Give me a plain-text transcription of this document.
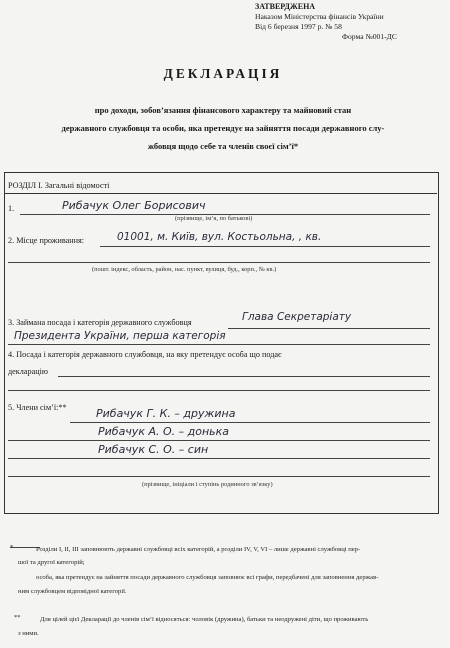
ЗАТВЕРДЖЕНА
Наказом Міністерства фінансів України
Від 6 березня 1997 р. № 58
Форма №001-ДС
ДЕКЛАРАЦІЯ
про доходи, зобов’язання фінансового характеру та майновий стан
державного службовця та особи, яка претендує на зайняття посади державного слу-
жбовця щодо себе та членів своєї сім’ї*
РОЗДІЛ І. Загальні відомості
1.	Рибачук Олег Борисович
(прізвище, ім’я, по батькові)
2. Місце проживання:	01001, м. Київ, вул. Костьольна, , кв.
(пошт. індекс, область, район, нас. пункт, вулиця, буд., корп., № кв.)
3. Займана посада і категорія державного службовця	Глава Секретаріату
Президента України, перша категорія
4. Посада і категорія державного службовця, на яку претендує особа що подає
декларацію
5. Члени сім’ї:**	Рибачук Г. К. – дружина
Рибачук А. О. – донька
Рибачук С. О. – син
(прізвище, ініціали і ступінь родинного зв’язку)
*	Розділи І, ІІ, ІІІ заповнюють державні службовці всіх категорій, а розділи IV, V, VI – лише державні службовці пер-
шої та другої категорій;
особа, яка претендує на зайняття посади державного службовця заповнює всі графи, передбачені для заповнення держав-
ним службовцем відповідної категорії.
**	Для цілей цієї Декларації до членів сім’ї відносяться: чоловік (дружина), батьки та неодружені діти, що проживають
з ними.
